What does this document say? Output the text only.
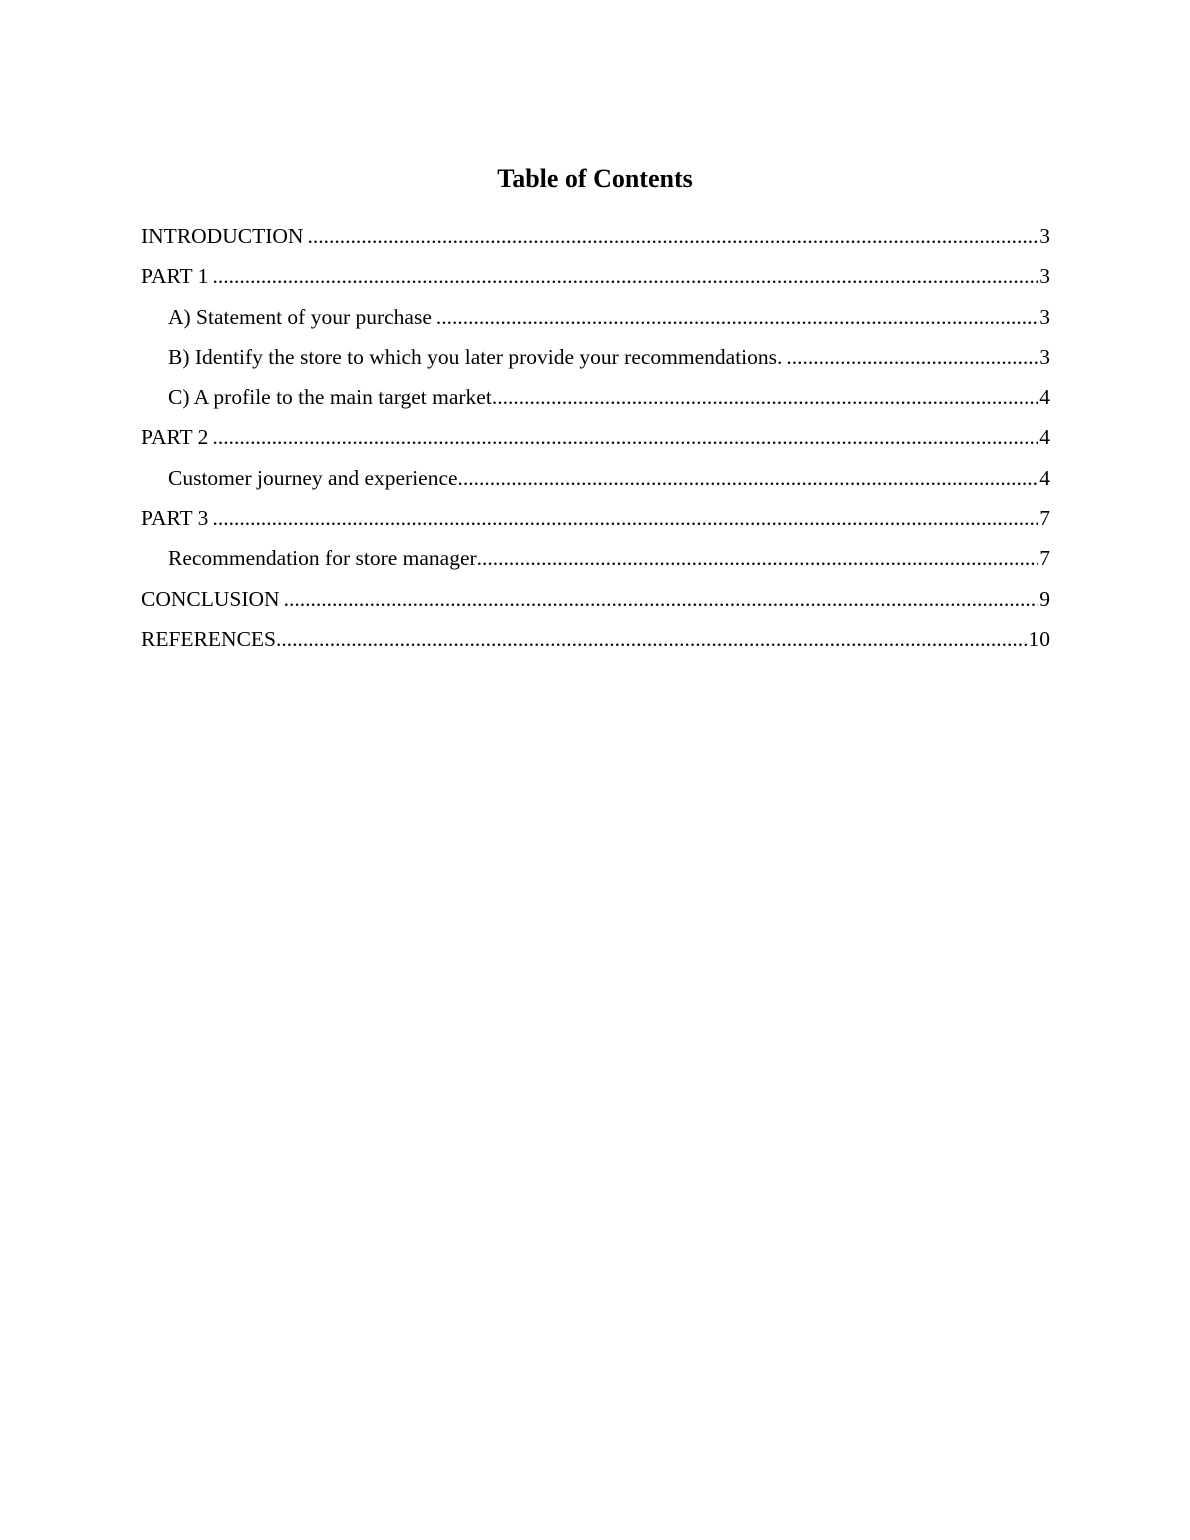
Table of Contents
INTRODUCTION .....	3
PART 1 .....	3
A) Statement of your purchase .....	3
B) Identify the store to which you later provide your recommendations. .....	3
C) A profile to the main target market .....	4
PART 2 .....	4
Customer journey and experience .....	4
PART 3 .....	7
Recommendation for store manager .....	7
CONCLUSION .....	9
REFERENCES .....	10
